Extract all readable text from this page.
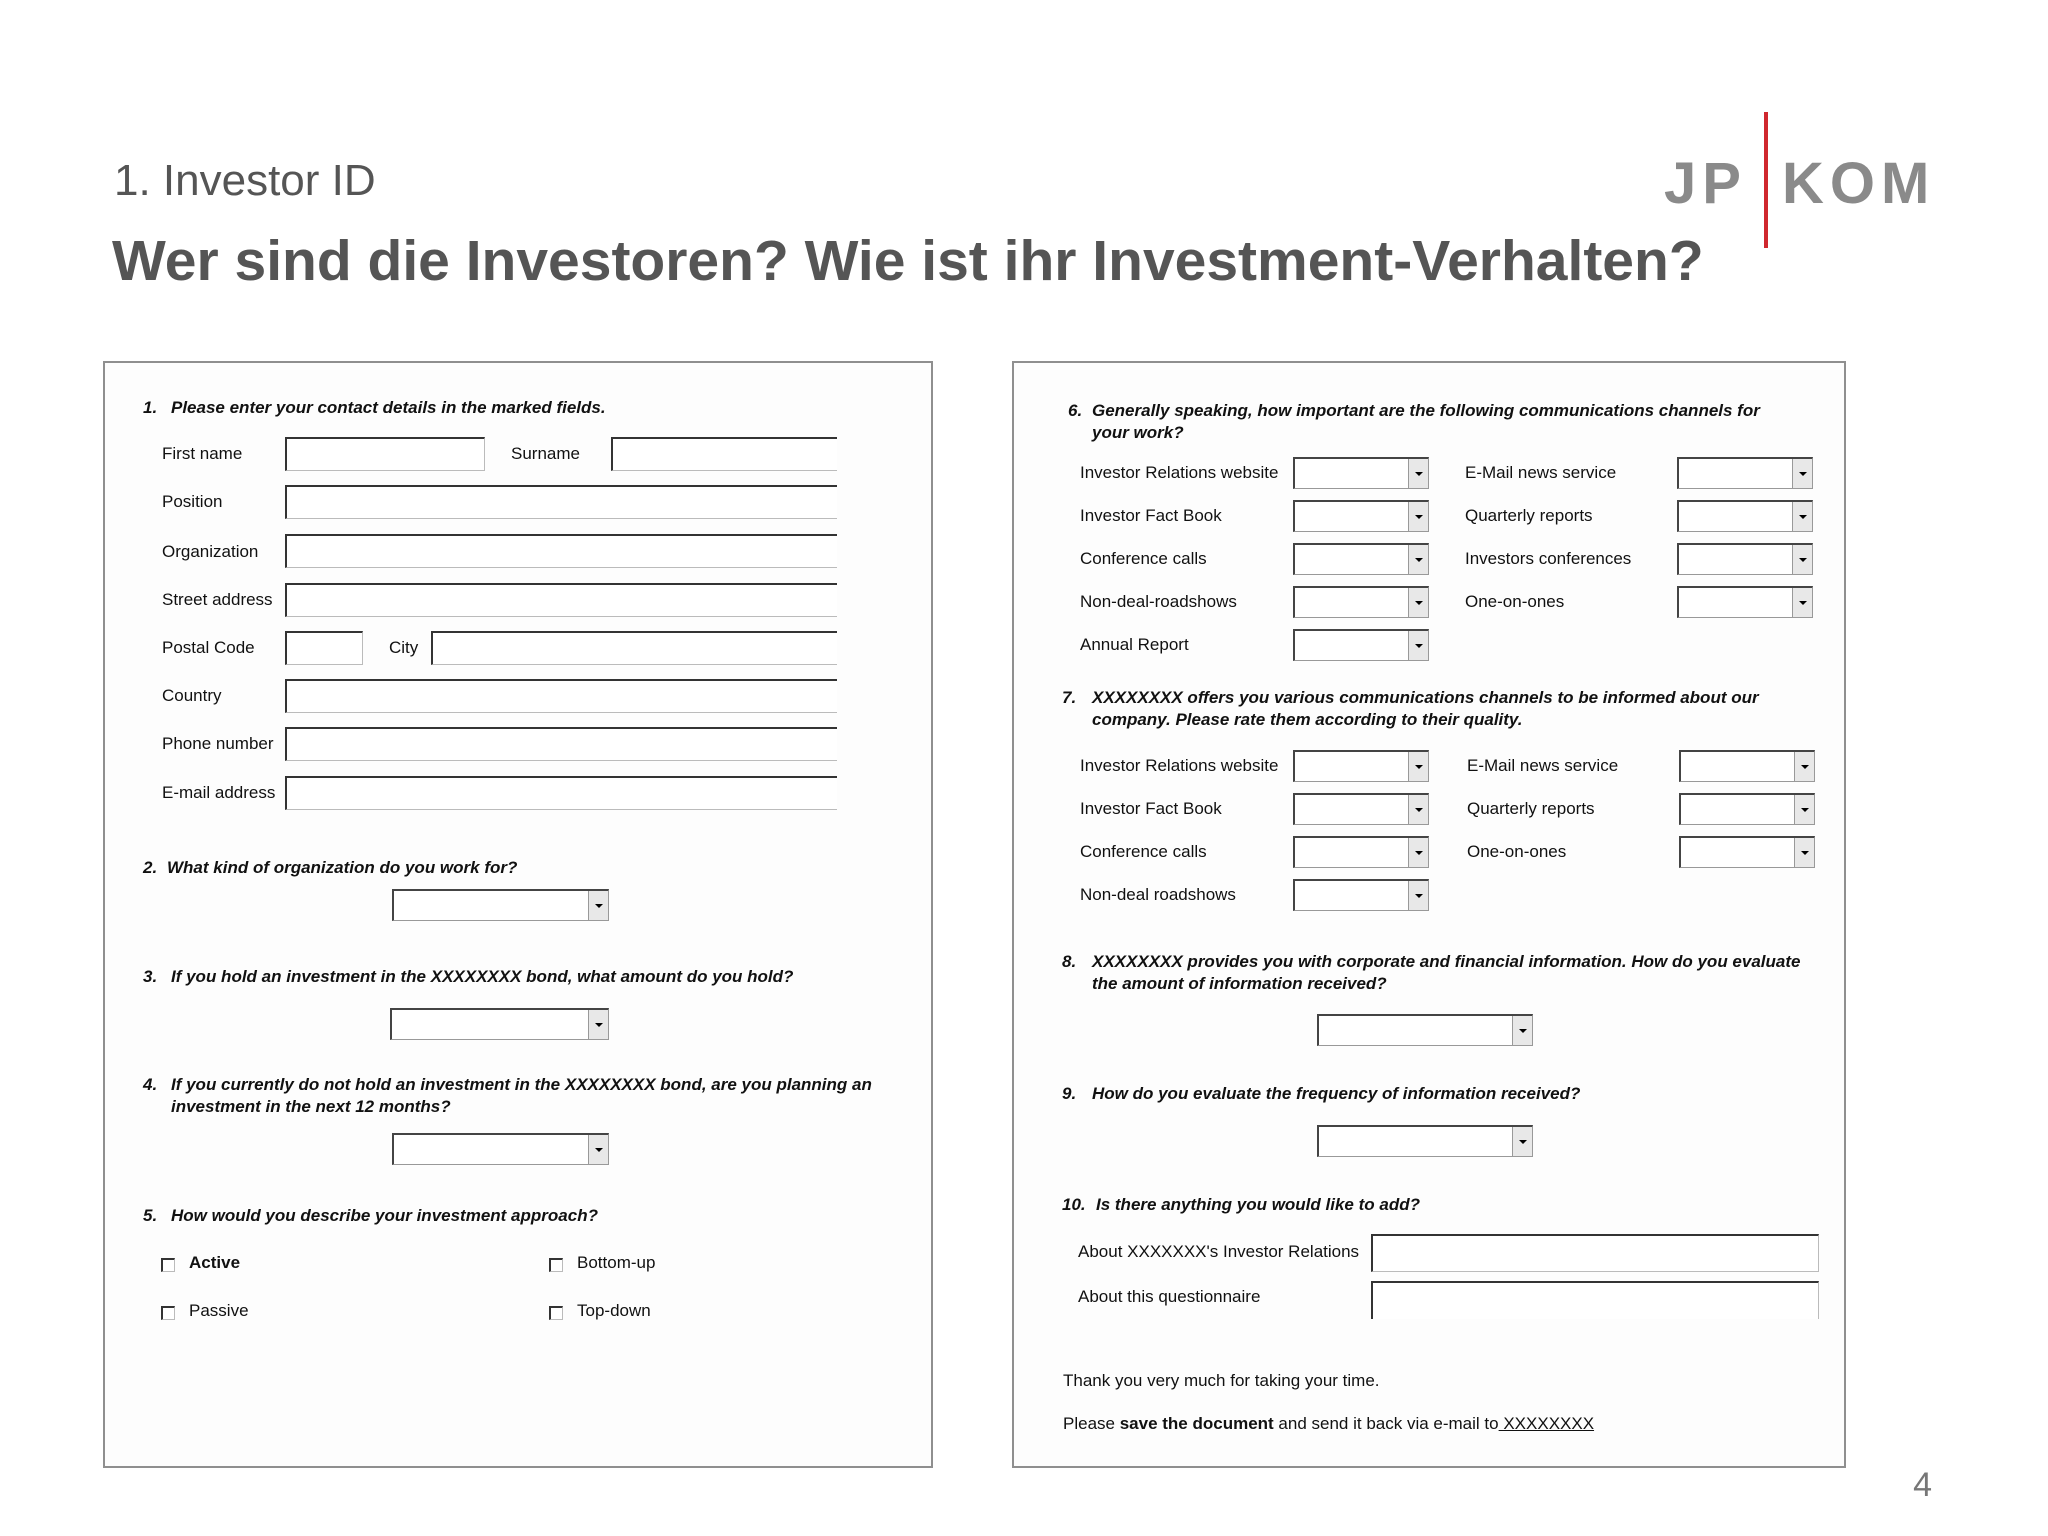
1. Investor ID
Wer sind die Investoren? Wie ist ihr Investment-Verhalten?
JP KOM
4
1. Please enter your contact details in the marked fields.
First name	Surname
Position
Organization
Street address
Postal Code	City
Country
Phone number
E-mail address
2. What kind of organization do you work for?
3. If you hold an investment in the XXXXXXXX bond, what amount do you hold?
4. If you currently do not hold an investment in the XXXXXXXX bond, are you planning an
investment in the next 12 months?
5. How would you describe your investment approach?
Active	Bottom-up
Passive	Top-down
6. Generally speaking, how important are the following communications channels for
your work?
Investor Relations website	E-Mail news service
Investor Fact Book	Quarterly reports
Conference calls	Investors conferences
Non-deal-roadshows	One-on-ones
Annual Report
7. XXXXXXXX offers you various communications channels to be informed about our
company. Please rate them according to their quality.
Investor Relations website	E-Mail news service
Investor Fact Book	Quarterly reports
Conference calls	One-on-ones
Non-deal roadshows
8. XXXXXXXX provides you with corporate and financial information. How do you evaluate
the amount of information received?
9. How do you evaluate the frequency of information received?
10. Is there anything you would like to add?
About XXXXXXX's Investor Relations
About this questionnaire
Thank you very much for taking your time.
Please save the document and send it back via e-mail to XXXXXXXX
